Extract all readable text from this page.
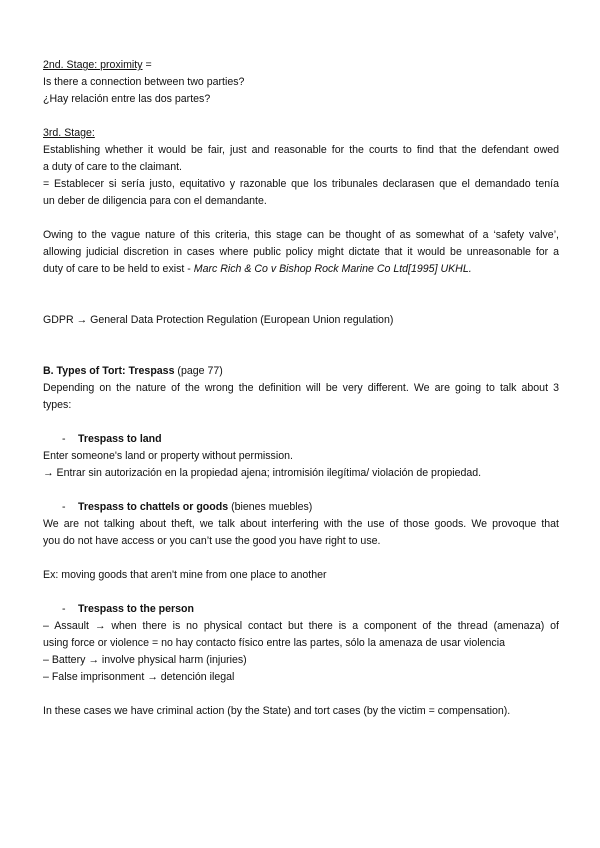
2nd. Stage: proximity =
Is there a connection between two parties?
¿Hay relación entre las dos partes?
3rd. Stage:
Establishing whether it would be fair, just and reasonable for the courts to find that the defendant owed
a duty of care to the claimant.
= Establecer si sería justo, equitativo y razonable que los tribunales declarasen que el demandado tenía
un deber de diligencia para con el demandante.
Owing to the vague nature of this criteria, this stage can be thought of as somewhat of a ‘safety valve’,
allowing judicial discretion in cases where public policy might dictate that it would be unreasonable for a
duty of care to be held to exist - Marc Rich & Co v Bishop Rock Marine Co Ltd[1995] UKHL.
GDPR → General Data Protection Regulation (European Union regulation)
B. Types of Tort: Trespass (page 77)
Depending on the nature of the wrong the definition will be very different. We are going to talk about 3
types:
- Trespass to land
Enter someone's land or property without permission.
→ Entrar sin autorización en la propiedad ajena; intromisión ilegítima/ violación de propiedad.
- Trespass to chattels or goods (bienes muebles)
We are not talking about theft, we talk about interfering with the use of those goods. We provoque that
you do not have access or you can’t use the good you have right to use.
Ex: moving goods that aren't mine from one place to another
- Trespass to the person
– Assault → when there is no physical contact but there is a component of the thread (amenaza) of
using force or violence = no hay contacto físico entre las partes, sólo la amenaza de usar violencia
– Battery → involve physical harm (injuries)
– False imprisonment → detención ilegal
In these cases we have criminal action (by the State) and tort cases (by the victim = compensation).
